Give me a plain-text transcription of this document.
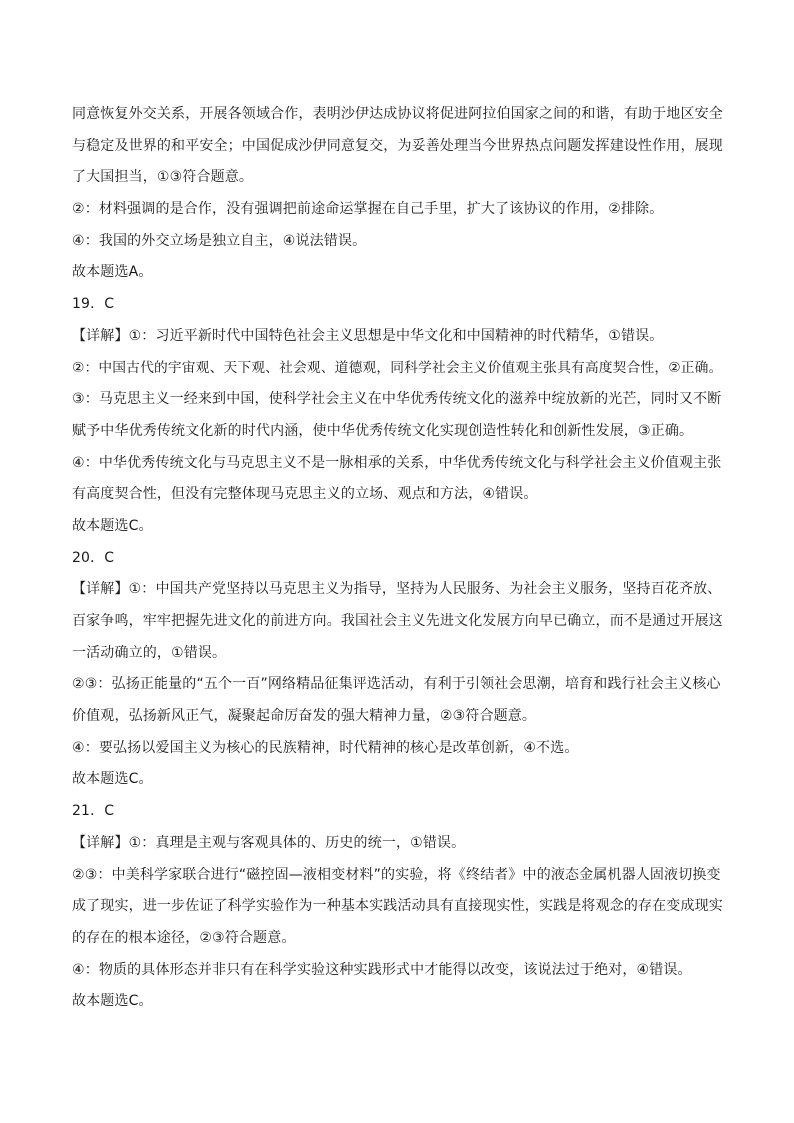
同意恢复外交关系，开展各领域合作，表明沙伊达成协议将促进阿拉伯国家之间的和谐，有助于地区安全
与稳定及世界的和平安全；中国促成沙伊同意复交，为妥善处理当今世界热点问题发挥建设性作用，展现
了大国担当，①③符合题意。
②：材料强调的是合作，没有强调把前途命运掌握在自己手里，扩大了该协议的作用，②排除。
④：我国的外交立场是独立自主，④说法错误。
故本题选A。
19．C
【详解】①：习近平新时代中国特色社会主义思想是中华文化和中国精神的时代精华，①错误。
②：中国古代的宇宙观、天下观、社会观、道德观，同科学社会主义价值观主张具有高度契合性，②正确。
③：马克思主义一经来到中国，使科学社会主义在中华优秀传统文化的滋养中绽放新的光芒，同时又不断
赋予中华优秀传统文化新的时代内涵，使中华优秀传统文化实现创造性转化和创新性发展，③正确。
④：中华优秀传统文化与马克思主义不是一脉相承的关系，中华优秀传统文化与科学社会主义价值观主张
有高度契合性，但没有完整体现马克思主义的立场、观点和方法，④错误。
故本题选C。
20．C
【详解】①：中国共产党坚持以马克思主义为指导，坚持为人民服务、为社会主义服务，坚持百花齐放、
百家争鸣，牢牢把握先进文化的前进方向。我国社会主义先进文化发展方向早已确立，而不是通过开展这
一活动确立的，①错误。
②③：弘扬正能量的“五个一百”网络精品征集评选活动，有利于引领社会思潮，培育和践行社会主义核心
价值观，弘扬新风正气，凝聚起命厉奋发的强大精神力量，②③符合题意。
④：要弘扬以爱国主义为核心的民族精神，时代精神的核心是改革创新，④不选。
故本题选C。
21．C
【详解】①：真理是主观与客观具体的、历史的统一，①错误。
②③：中美科学家联合进行“磁控固—液相变材料”的实验，将《终结者》中的液态金属机器人固液切换变
成了现实，进一步佐证了科学实验作为一种基本实践活动具有直接现实性，实践是将观念的存在变成现实
的存在的根本途径，②③符合题意。
④：物质的具体形态并非只有在科学实验这种实践形式中才能得以改变，该说法过于绝对，④错误。
故本题选C。
